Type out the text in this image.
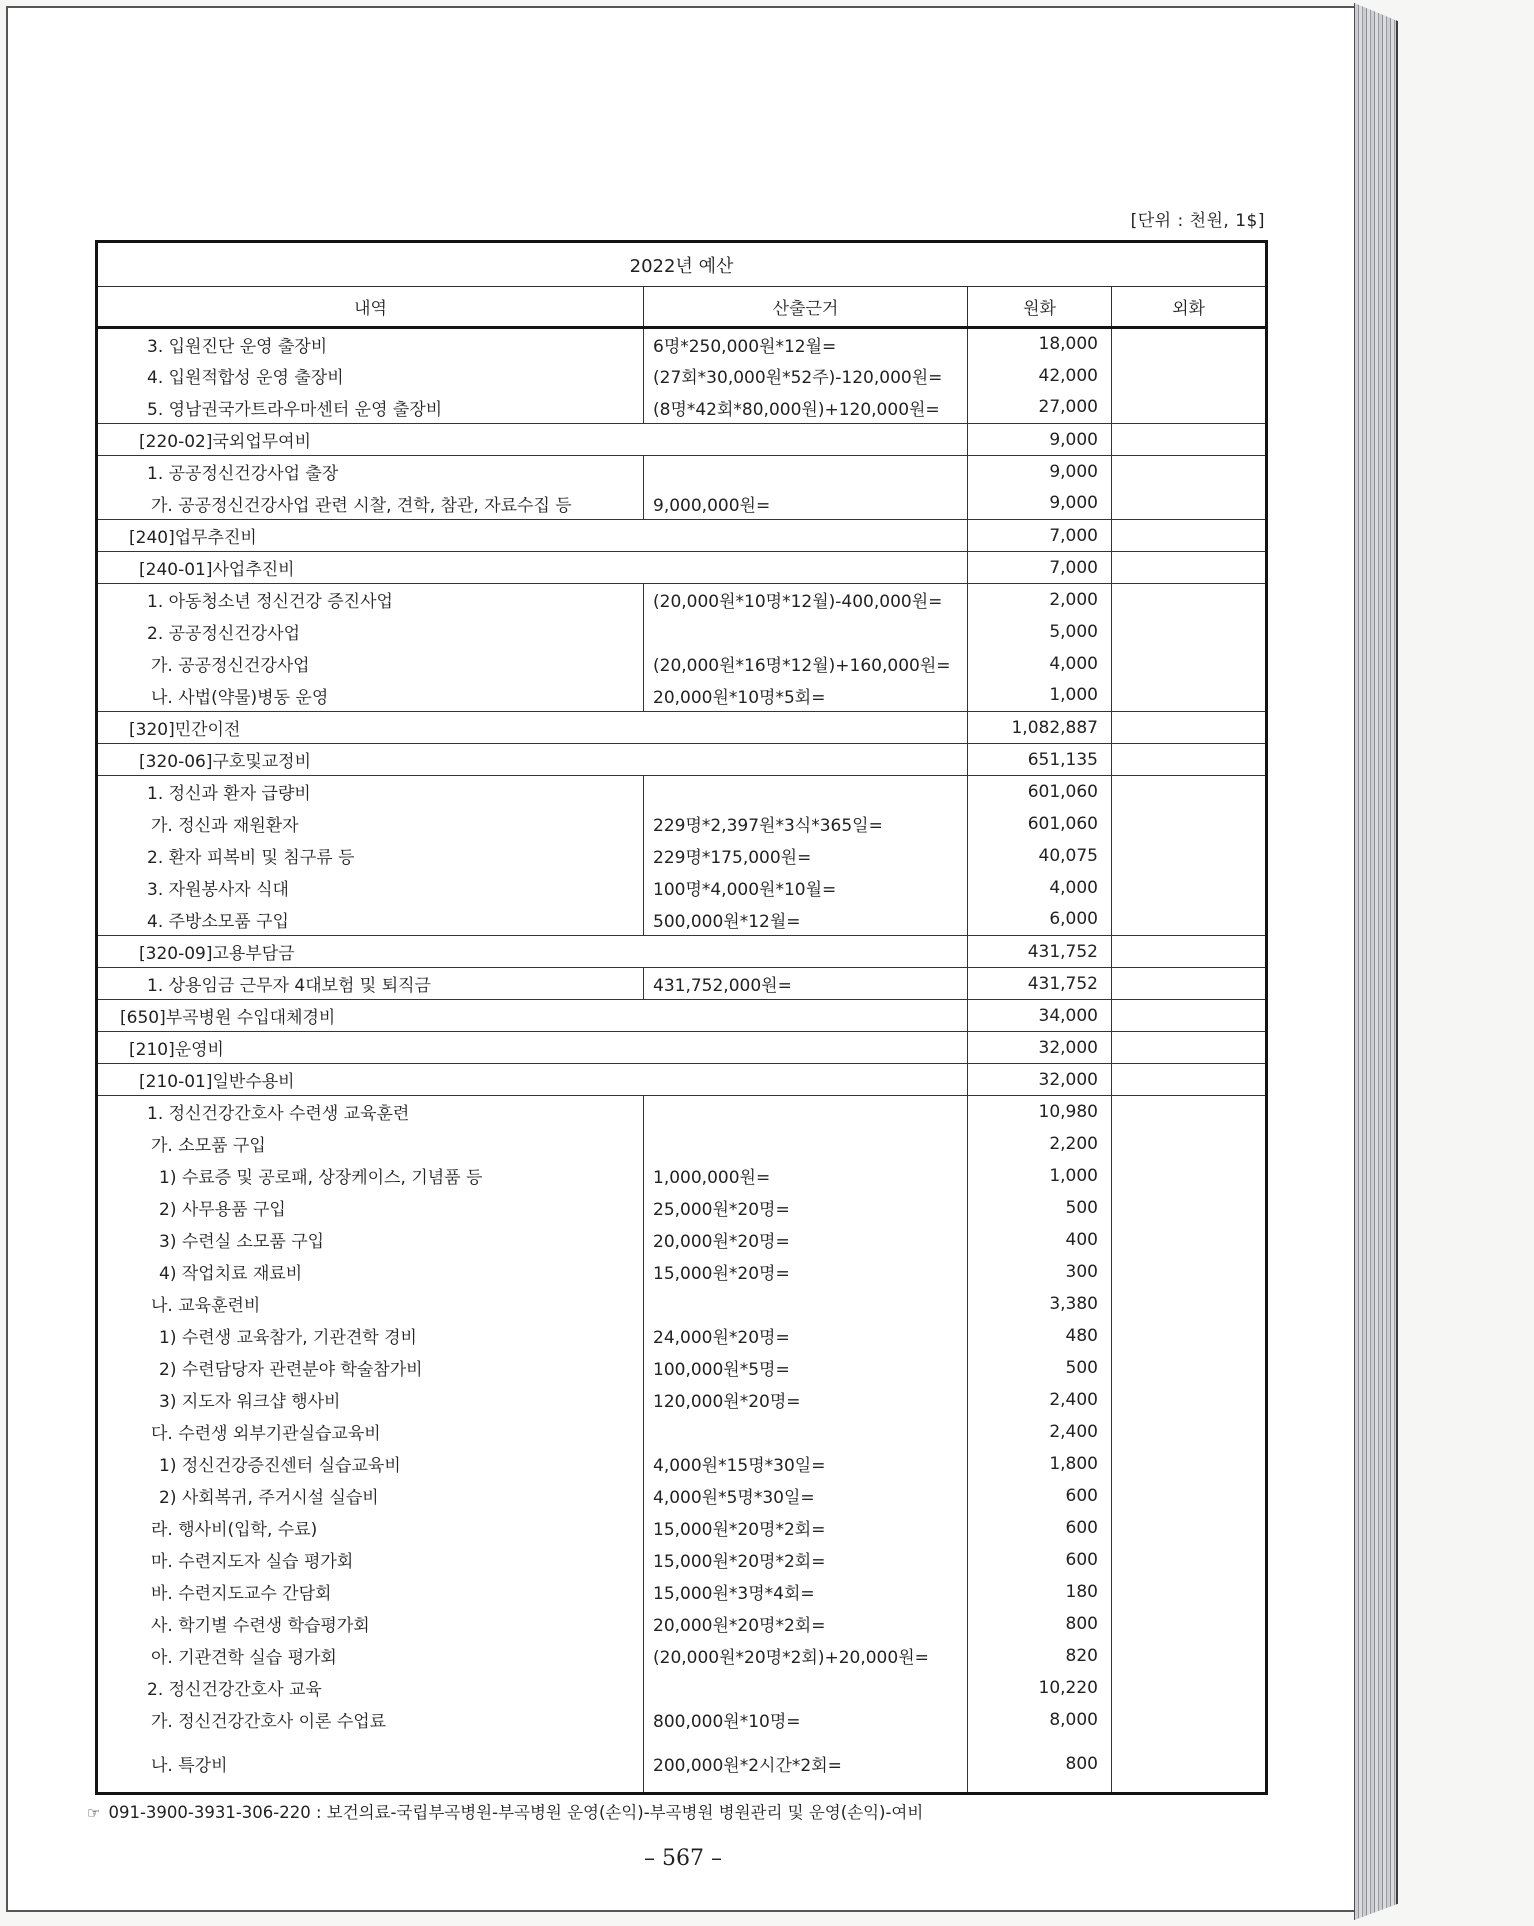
[단위 : 천원, 1$]
2022년 예산			
내역	산출근거	원화	외화
3. 입원진단 운영 출장비	6명*250,000원*12월=	18,000	
4. 입원적합성 운영 출장비	(27회*30,000원*52주)-120,000원=	42,000	
5. 영남권국가트라우마센터 운영 출장비	(8명*42회*80,000원)+120,000원=	27,000	
[220-02]국외업무여비		9,000	
1. 공공정신건강사업 출장		9,000	
가. 공공정신건강사업 관련 시찰, 견학, 참관, 자료수집 등	9,000,000원=	9,000	
[240]업무추진비		7,000	
[240-01]사업추진비		7,000	
1. 아동청소년 정신건강 증진사업	(20,000원*10명*12월)-400,000원=	2,000	
2. 공공정신건강사업		5,000	
가. 공공정신건강사업	(20,000원*16명*12월)+160,000원=	4,000	
나. 사법(약물)병동 운영	20,000원*10명*5회=	1,000	
[320]민간이전		1,082,887	
[320-06]구호및교정비		651,135	
1. 정신과 환자 급량비		601,060	
가. 정신과 재원환자	229명*2,397원*3식*365일=	601,060	
2. 환자 피복비 및 침구류 등	229명*175,000원=	40,075	
3. 자원봉사자 식대	100명*4,000원*10월=	4,000	
4. 주방소모품 구입	500,000원*12월=	6,000	
[320-09]고용부담금		431,752	
1. 상용임금 근무자 4대보험 및 퇴직금	431,752,000원=	431,752	
[650]부곡병원 수입대체경비		34,000	
[210]운영비		32,000	
[210-01]일반수용비		32,000	
1. 정신건강간호사 수련생 교육훈련		10,980	
가. 소모품 구입		2,200	
1) 수료증 및 공로패, 상장케이스, 기념품 등	1,000,000원=	1,000	
2) 사무용품 구입	25,000원*20명=	500	
3) 수련실 소모품 구입	20,000원*20명=	400	
4) 작업치료 재료비	15,000원*20명=	300	
나. 교육훈련비		3,380	
1) 수련생 교육참가, 기관견학 경비	24,000원*20명=	480	
2) 수련담당자 관련분야 학술참가비	100,000원*5명=	500	
3) 지도자 워크샵 행사비	120,000원*20명=	2,400	
다. 수련생 외부기관실습교육비		2,400	
1) 정신건강증진센터 실습교육비	4,000원*15명*30일=	1,800	
2) 사회복귀, 주거시설 실습비	4,000원*5명*30일=	600	
라. 행사비(입학, 수료)	15,000원*20명*2회=	600	
마. 수련지도자 실습 평가회	15,000원*20명*2회=	600	
바. 수련지도교수 간담회	15,000원*3명*4회=	180	
사. 학기별 수련생 학습평가회	20,000원*20명*2회=	800	
아. 기관견학 실습 평가회	(20,000원*20명*2회)+20,000원=	820	
2. 정신건강간호사 교육		10,220	
가. 정신건강간호사 이론 수업료	800,000원*10명=	8,000	
나. 특강비	200,000원*2시간*2회=	800	
☞ 091-3900-3931-306-220 : 보건의료-국립부곡병원-부곡병원 운영(손익)-부곡병원 병원관리 및 운영(손익)-여비
– 567 –
